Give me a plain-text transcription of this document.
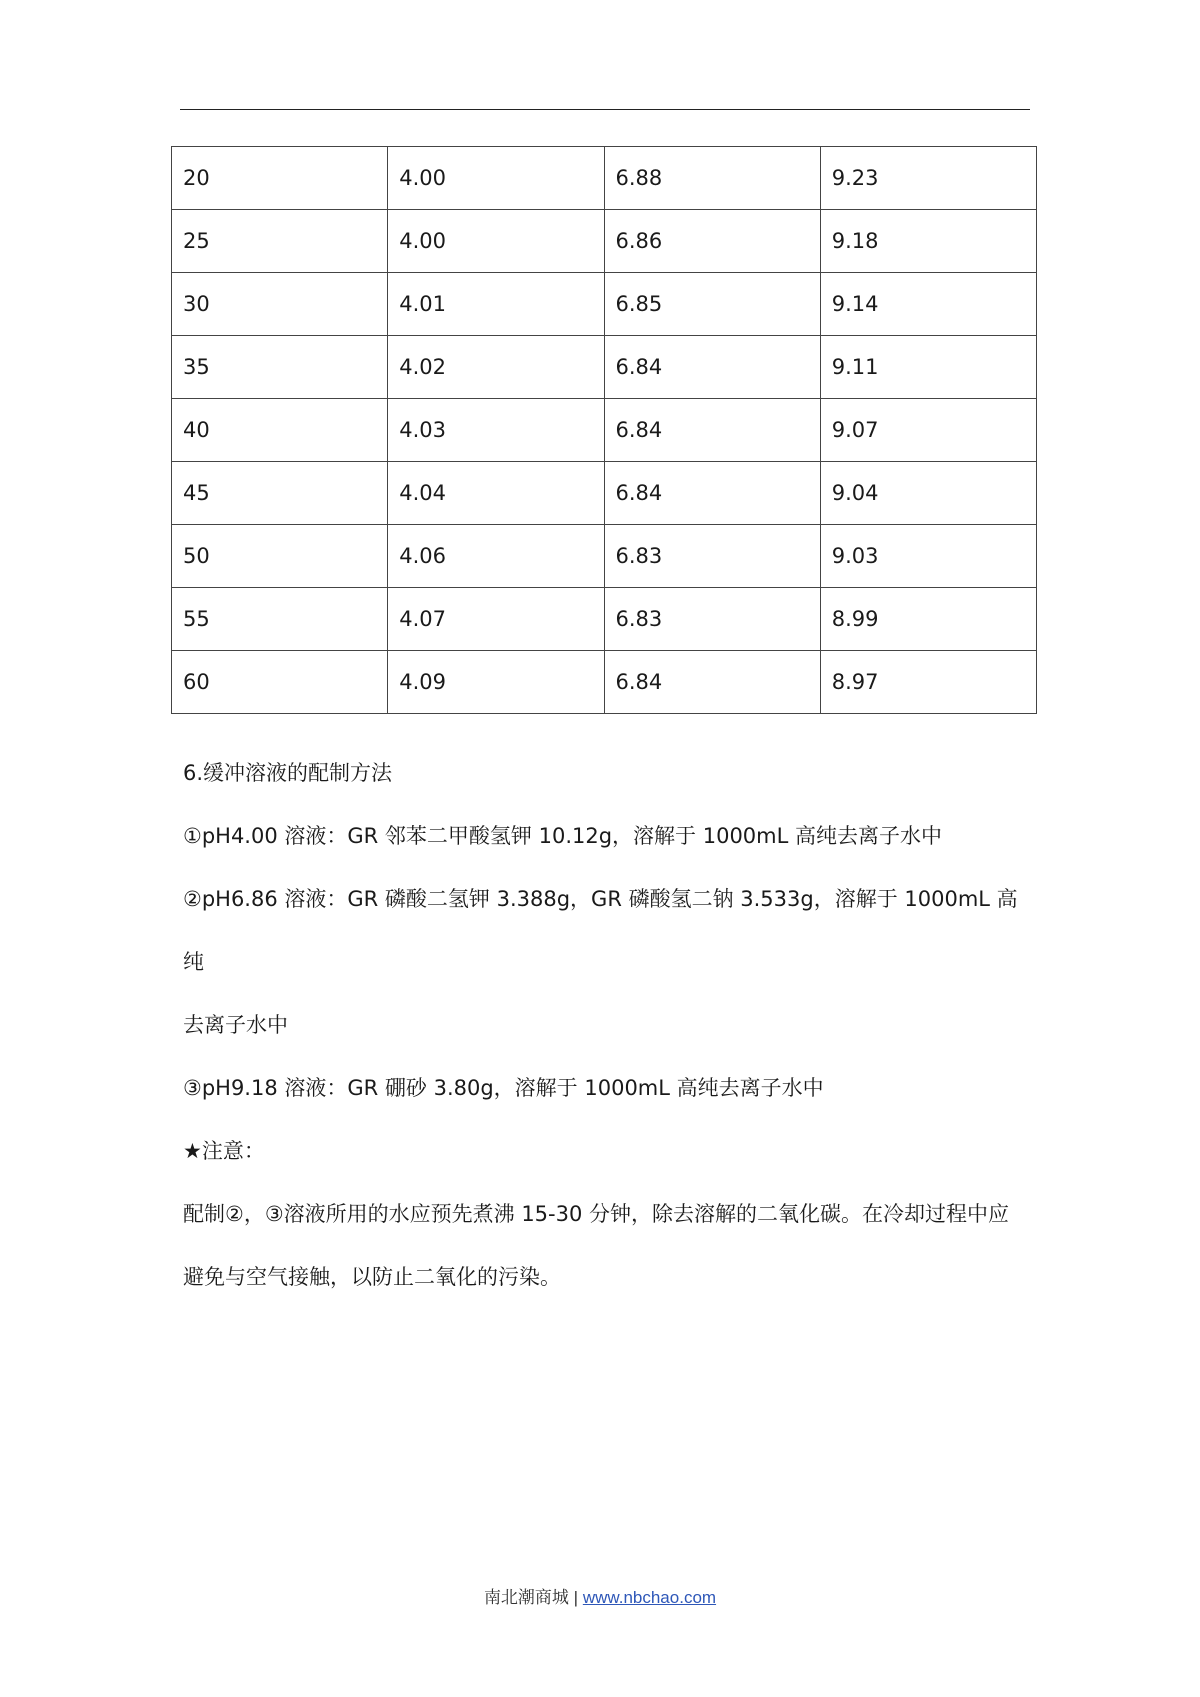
20	4.00	6.88	9.23
25	4.00	6.86	9.18
30	4.01	6.85	9.14
35	4.02	6.84	9.11
40	4.03	6.84	9.07
45	4.04	6.84	9.04
50	4.06	6.83	9.03
55	4.07	6.83	8.99
60	4.09	6.84	8.97

6.缓冲溶液的配制方法

①pH4.00 溶液：GR 邻苯二甲酸氢钾 10.12g，溶解于 1000mL 高纯去离子水中

②pH6.86 溶液：GR 磷酸二氢钾 3.388g，GR 磷酸氢二钠 3.533g，溶解于 1000mL 高纯

去离子水中

③pH9.18 溶液：GR 硼砂 3.80g，溶解于 1000mL 高纯去离子水中

★注意：

配制②，③溶液所用的水应预先煮沸 15-30 分钟，除去溶解的二氧化碳。在冷却过程中应

避免与空气接触，以防止二氧化的污染。

南北潮商城 | www.nbchao.com
